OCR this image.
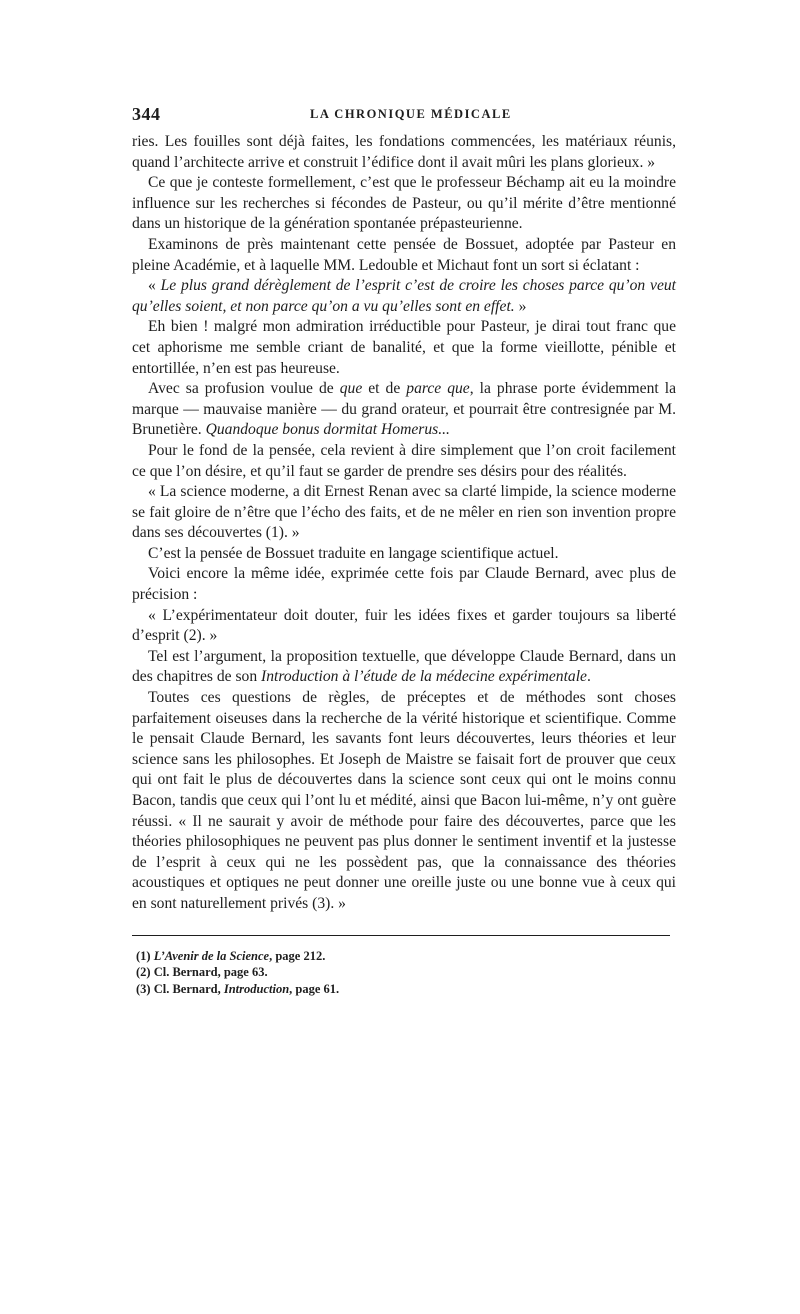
344	LA CHRONIQUE MÉDICALE

ries. Les fouilles sont déjà faites, les fondations commencées, les matériaux réunis, quand l’architecte arrive et construit l’édifice dont il avait mûri les plans glorieux. »

Ce que je conteste formellement, c’est que le professeur Béchamp ait eu la moindre influence sur les recherches si fécondes de Pasteur, ou qu’il mérite d’être mentionné dans un historique de la génération spontanée prépasteurienne.

Examinons de près maintenant cette pensée de Bossuet, adoptée par Pasteur en pleine Académie, et à laquelle MM. Ledouble et Michaut font un sort si éclatant :

« Le plus grand dérèglement de l’esprit c’est de croire les choses parce qu’on veut qu’elles soient, et non parce qu’on a vu qu’elles sont en effet. »

Eh bien ! malgré mon admiration irréductible pour Pasteur, je dirai tout franc que cet aphorisme me semble criant de banalité, et que la forme vieillotte, pénible et entortillée, n’en est pas heureuse.

Avec sa profusion voulue de que et de parce que, la phrase porte évidemment la marque — mauvaise manière — du grand orateur, et pourrait être contresignée par M. Brunetière. Quandoque bonus dormitat Homerus...

Pour le fond de la pensée, cela revient à dire simplement que l’on croit facilement ce que l’on désire, et qu’il faut se garder de prendre ses désirs pour des réalités.

« La science moderne, a dit Ernest Renan avec sa clarté limpide, la science moderne se fait gloire de n’être que l’écho des faits, et de ne mêler en rien son invention propre dans ses découvertes (1). »

C’est la pensée de Bossuet traduite en langage scientifique actuel.

Voici encore la même idée, exprimée cette fois par Claude Bernard, avec plus de précision :

« L’expérimentateur doit douter, fuir les idées fixes et garder toujours sa liberté d’esprit (2). »

Tel est l’argument, la proposition textuelle, que développe Claude Bernard, dans un des chapitres de son Introduction à l’étude de la médecine expérimentale.

Toutes ces questions de règles, de préceptes et de méthodes sont choses parfaitement oiseuses dans la recherche de la vérité historique et scientifique. Comme le pensait Claude Bernard, les savants font leurs découvertes, leurs théories et leur science sans les philosophes. Et Joseph de Maistre se faisait fort de prouver que ceux qui ont fait le plus de découvertes dans la science sont ceux qui ont le moins connu Bacon, tandis que ceux qui l’ont lu et médité, ainsi que Bacon lui-même, n’y ont guère réussi. « Il ne saurait y avoir de méthode pour faire des découvertes, parce que les théories philosophiques ne peuvent pas plus donner le sentiment inventif et la justesse de l’esprit à ceux qui ne les possèdent pas, que la connaissance des théories acoustiques et optiques ne peut donner une oreille juste ou une bonne vue à ceux qui en sont naturellement privés (3). »

(1) L’Avenir de la Science, page 212.
(2) Cl. Bernard, page 63.
(3) Cl. Bernard, Introduction, page 61.
